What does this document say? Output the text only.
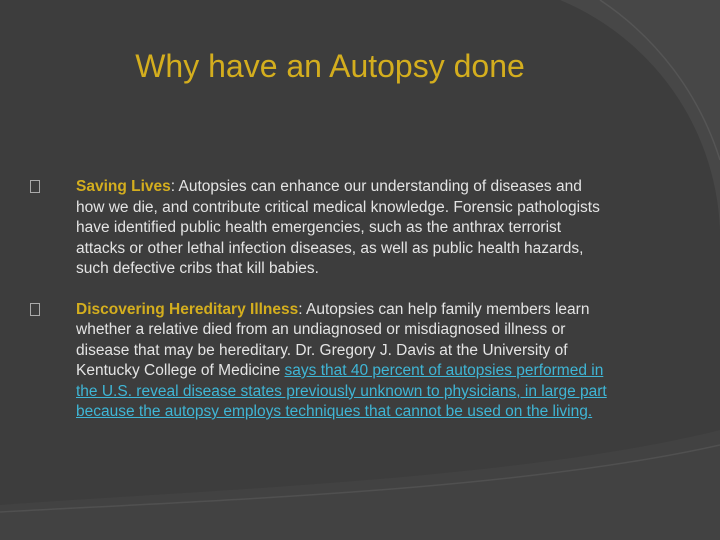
Why have an Autopsy done
Saving Lives: Autopsies can enhance our understanding of diseases and how we die, and contribute critical medical knowledge. Forensic pathologists have identified public health emergencies, such as the anthrax terrorist attacks or other lethal infection diseases, as well as public health hazards, such defective cribs that kill babies.
Discovering Hereditary Illness: Autopsies can help family members learn whether a relative died from an undiagnosed or misdiagnosed illness or disease that may be hereditary. Dr. Gregory J. Davis at the University of Kentucky College of Medicine says that 40 percent of autopsies performed in the U.S. reveal disease states previously unknown to physicians, in large part because the autopsy employs techniques that cannot be used on the living.
